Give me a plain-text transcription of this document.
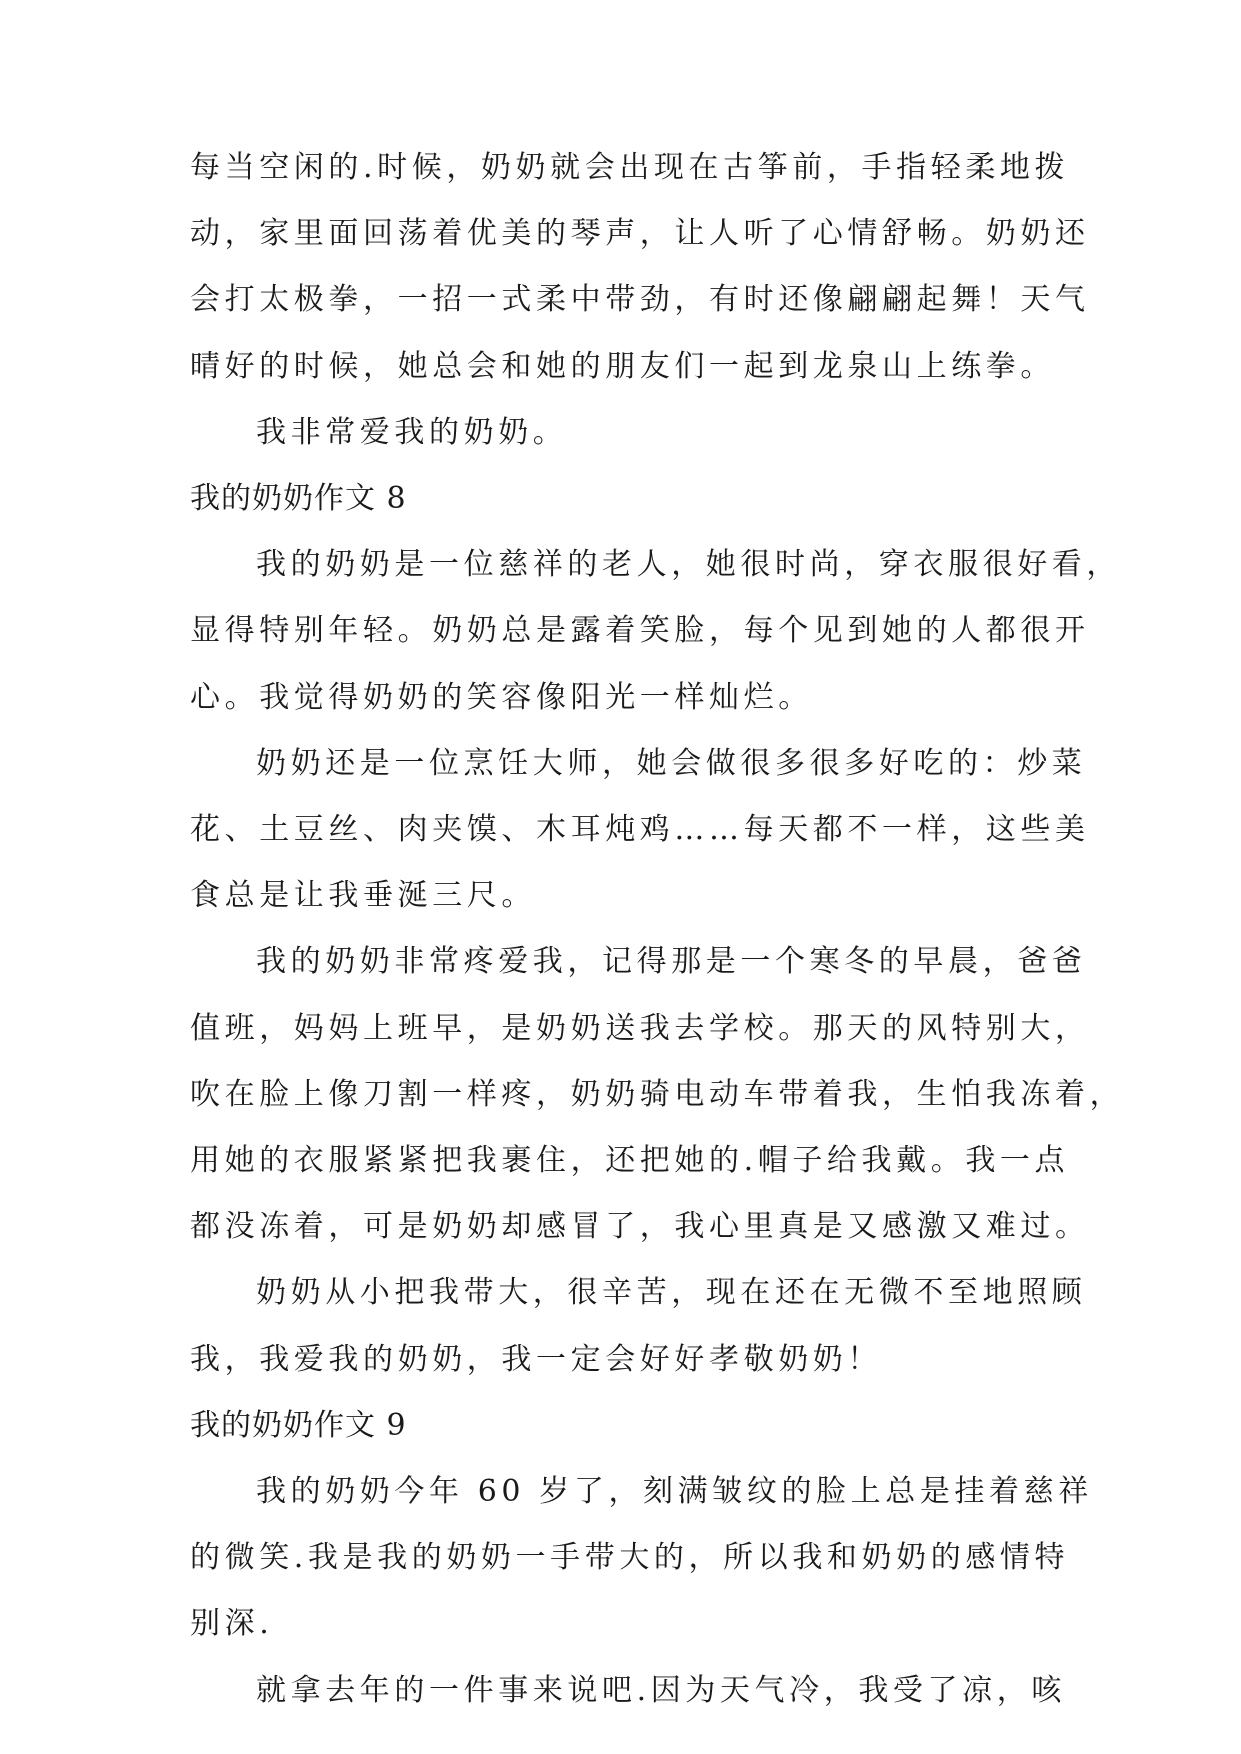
每当空闲的.时候，奶奶就会出现在古筝前，手指轻柔地拨
动，家里面回荡着优美的琴声，让人听了心情舒畅。奶奶还
会打太极拳，一招一式柔中带劲，有时还像翩翩起舞！天气
晴好的时候，她总会和她的朋友们一起到龙泉山上练拳。
我非常爱我的奶奶。
我的奶奶作文 8
我的奶奶是一位慈祥的老人，她很时尚，穿衣服很好看，
显得特别年轻。奶奶总是露着笑脸，每个见到她的人都很开
心。我觉得奶奶的笑容像阳光一样灿烂。
奶奶还是一位烹饪大师，她会做很多很多好吃的：炒菜
花、土豆丝、肉夹馍、木耳炖鸡……每天都不一样，这些美
食总是让我垂涎三尺。
我的奶奶非常疼爱我，记得那是一个寒冬的早晨，爸爸
值班，妈妈上班早，是奶奶送我去学校。那天的风特别大，
吹在脸上像刀割一样疼，奶奶骑电动车带着我，生怕我冻着，
用她的衣服紧紧把我裹住，还把她的.帽子给我戴。我一点
都没冻着，可是奶奶却感冒了，我心里真是又感激又难过。
奶奶从小把我带大，很辛苦，现在还在无微不至地照顾
我，我爱我的奶奶，我一定会好好孝敬奶奶！
我的奶奶作文 9
我的奶奶今年 60 岁了，刻满皱纹的脸上总是挂着慈祥
的微笑.我是我的奶奶一手带大的，所以我和奶奶的感情特
别深.
就拿去年的一件事来说吧.因为天气冷，我受了凉，咳
